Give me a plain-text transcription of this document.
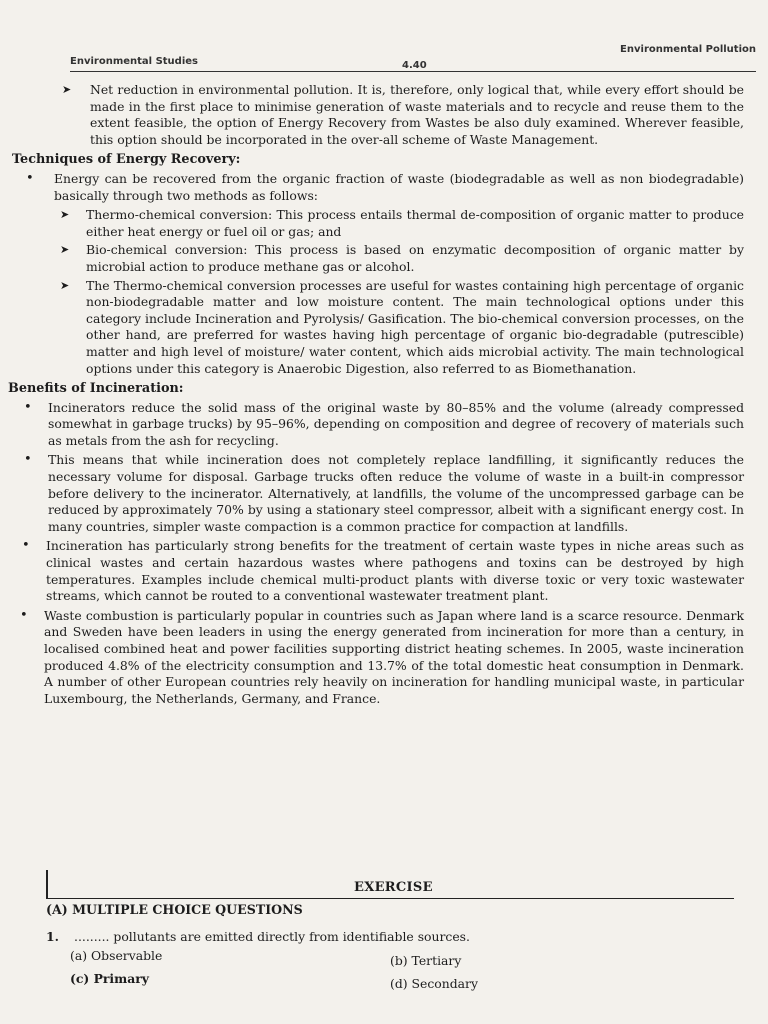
Environmental Studies	4.40
Environmental Pollution
➤ Net reduction in environmental pollution. It is, therefore, only logical that, while every effort should be made in the first place to minimise generation of waste materials and to recycle and reuse them to the extent feasible, the option of Energy Recovery from Wastes be also duly examined. Wherever feasible, this option should be incorporated in the over-all scheme of Waste Management.
Techniques of Energy Recovery:
• Energy can be recovered from the organic fraction of waste (biodegradable as well as non biodegradable) basically through two methods as follows:
➤ Thermo-chemical conversion: This process entails thermal de-composition of organic matter to produce either heat energy or fuel oil or gas; and
➤ Bio-chemical conversion: This process is based on enzymatic decomposition of organic matter by microbial action to produce methane gas or alcohol.
➤ The Thermo-chemical conversion processes are useful for wastes containing high percentage of organic non-biodegradable matter and low moisture content. The main technological options under this category include Incineration and Pyrolysis/ Gasification. The bio-chemical conversion processes, on the other hand, are preferred for wastes having high percentage of organic bio-degradable (putrescible) matter and high level of moisture/ water content, which aids microbial activity. The main technological options under this category is Anaerobic Digestion, also referred to as Biomethanation.
Benefits of Incineration:
• Incinerators reduce the solid mass of the original waste by 80–85% and the volume (already compressed somewhat in garbage trucks) by 95–96%, depending on composition and degree of recovery of materials such as metals from the ash for recycling.
• This means that while incineration does not completely replace landfilling, it significantly reduces the necessary volume for disposal. Garbage trucks often reduce the volume of waste in a built-in compressor before delivery to the incinerator. Alternatively, at landfills, the volume of the uncompressed garbage can be reduced by approximately 70% by using a stationary steel compressor, albeit with a significant energy cost. In many countries, simpler waste compaction is a common practice for compaction at landfills.
• Incineration has particularly strong benefits for the treatment of certain waste types in niche areas such as clinical wastes and certain hazardous wastes where pathogens and toxins can be destroyed by high temperatures. Examples include chemical multi-product plants with diverse toxic or very toxic wastewater streams, which cannot be routed to a conventional wastewater treatment plant.
• Waste combustion is particularly popular in countries such as Japan where land is a scarce resource. Denmark and Sweden have been leaders in using the energy generated from incineration for more than a century, in localised combined heat and power facilities supporting district heating schemes. In 2005, waste incineration produced 4.8% of the electricity consumption and 13.7% of the total domestic heat consumption in Denmark. A number of other European countries rely heavily on incineration for handling municipal waste, in particular Luxembourg, the Netherlands, Germany, and France.
EXERCISE
(A) MULTIPLE CHOICE QUESTIONS
1. ......... pollutants are emitted directly from identifiable sources.
(a) Observable	(b) Tertiary
(c) Primary	(d) Secondary
